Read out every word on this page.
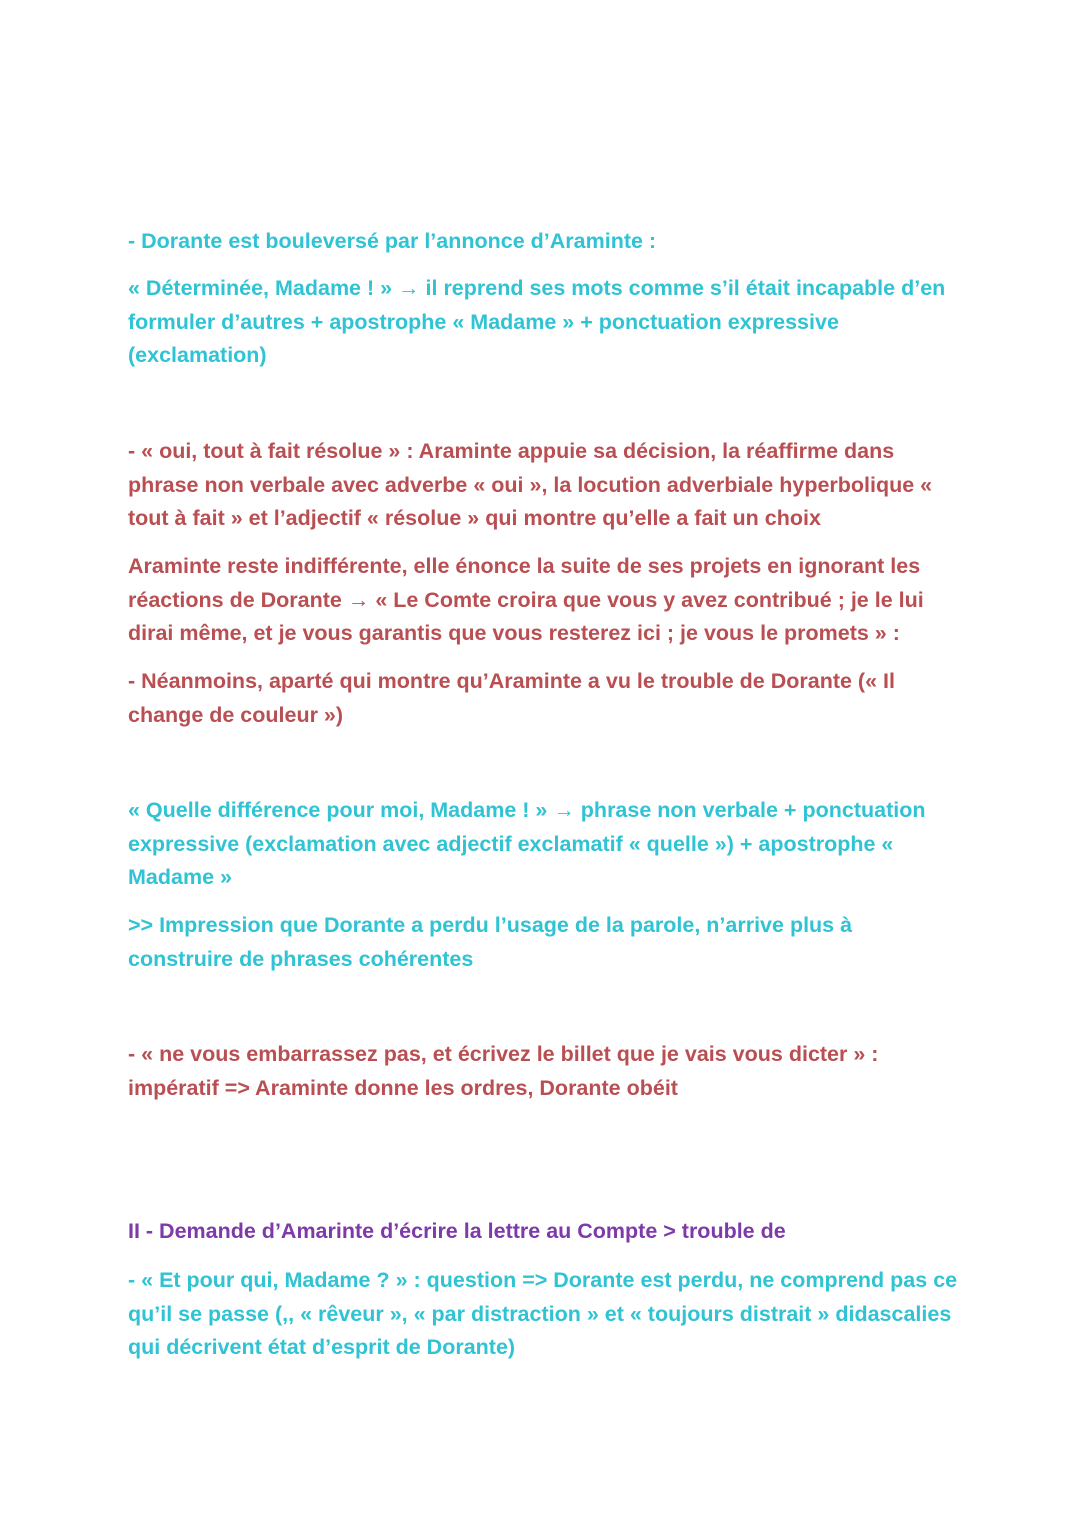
- Dorante est bouleversé par l’annonce d’Araminte :

« Déterminée, Madame ! » → il reprend ses mots comme s’il était incapable d’en formuler d’autres + apostrophe « Madame » + ponctuation expressive (exclamation)

- « oui, tout à fait résolue » : Araminte appuie sa décision, la réaffirme dans phrase non verbale avec adverbe « oui », la locution adverbiale hyperbolique « tout à fait » et l’adjectif « résolue » qui montre qu’elle a fait un choix

Araminte reste indifférente, elle énonce la suite de ses projets en ignorant les réactions de Dorante → « Le Comte croira que vous y avez contribué ; je le lui dirai même, et je vous garantis que vous resterez ici ; je vous le promets » :

- Néanmoins, aparté qui montre qu’Araminte a vu le trouble de Dorante (« Il change de couleur »)

« Quelle différence pour moi, Madame ! » → phrase non verbale + ponctuation expressive (exclamation avec adjectif exclamatif « quelle ») + apostrophe « Madame »

>> Impression que Dorante a perdu l’usage de la parole, n’arrive plus à construire de phrases cohérentes

- « ne vous embarrassez pas, et écrivez le billet que je vais vous dicter » : impératif => Araminte donne les ordres, Dorante obéit

II - Demande d’Amarinte d’écrire la lettre au Compte > trouble de

- « Et pour qui, Madame ? » : question => Dorante est perdu, ne comprend pas ce qu’il se passe (,, « rêveur », « par distraction » et « toujours distrait » didascalies qui décrivent état d’esprit de Dorante)
